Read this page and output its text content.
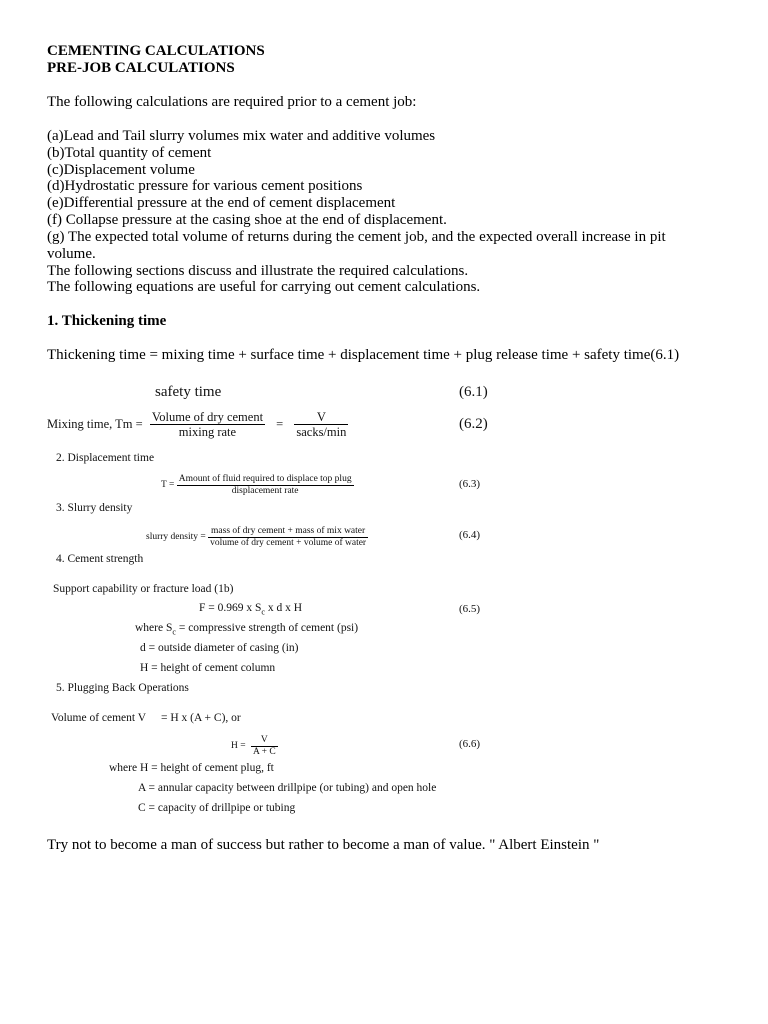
CEMENTING CALCULATIONS
PRE-JOB CALCULATIONS
The following calculations are required prior to a cement job:
(a)Lead and Tail slurry volumes mix water and additive volumes
(b)Total quantity of cement
(c)Displacement volume
(d)Hydrostatic pressure for various cement positions
(e)Differential pressure at the end of cement displacement
(f) Collapse pressure at the casing shoe at the end of displacement.
(g) The expected total volume of returns during the cement job, and the expected overall increase in pit
volume.
The following sections discuss and illustrate the required calculations.
The following equations are useful for carrying out cement calculations.
1. Thickening time
Thickening time = mixing time + surface time + displacement time + plug release time + safety time(6.1)
safety time	(6.1)
Mixing time, $Tm = \frac{\text{Volume of dry cement}}{\text{mixing rate}} = \frac{V}{\text{sacks/min}}$	(6.2)
2. Displacement time
$T = \frac{\text{Amount of fluid required to displace top plug}}{\text{displacement rate}}$	(6.3)
3. Slurry density
slurry density = $\frac{\text{mass of dry cement + mass of mix water}}{\text{volume of dry cement + volume of water}}$	(6.4)
4. Cement strength
Support capability or fracture load (1b)
F = 0.969 x $S_c$ x d x H	(6.5)
where $S_c$ = compressive strength of cement (psi)
d = outside diameter of casing (in)
H = height of cement column
5. Plugging Back Operations
Volume of cement V = H x (A + C), or
$H = \frac{V}{A + C}$	(6.6)
where H = height of cement plug, ft
A = annular capacity between drillpipe (or tubing) and open hole
C = capacity of drillpipe or tubing
Try not to become a man of success but rather to become a man of value. " Albert Einstein "
